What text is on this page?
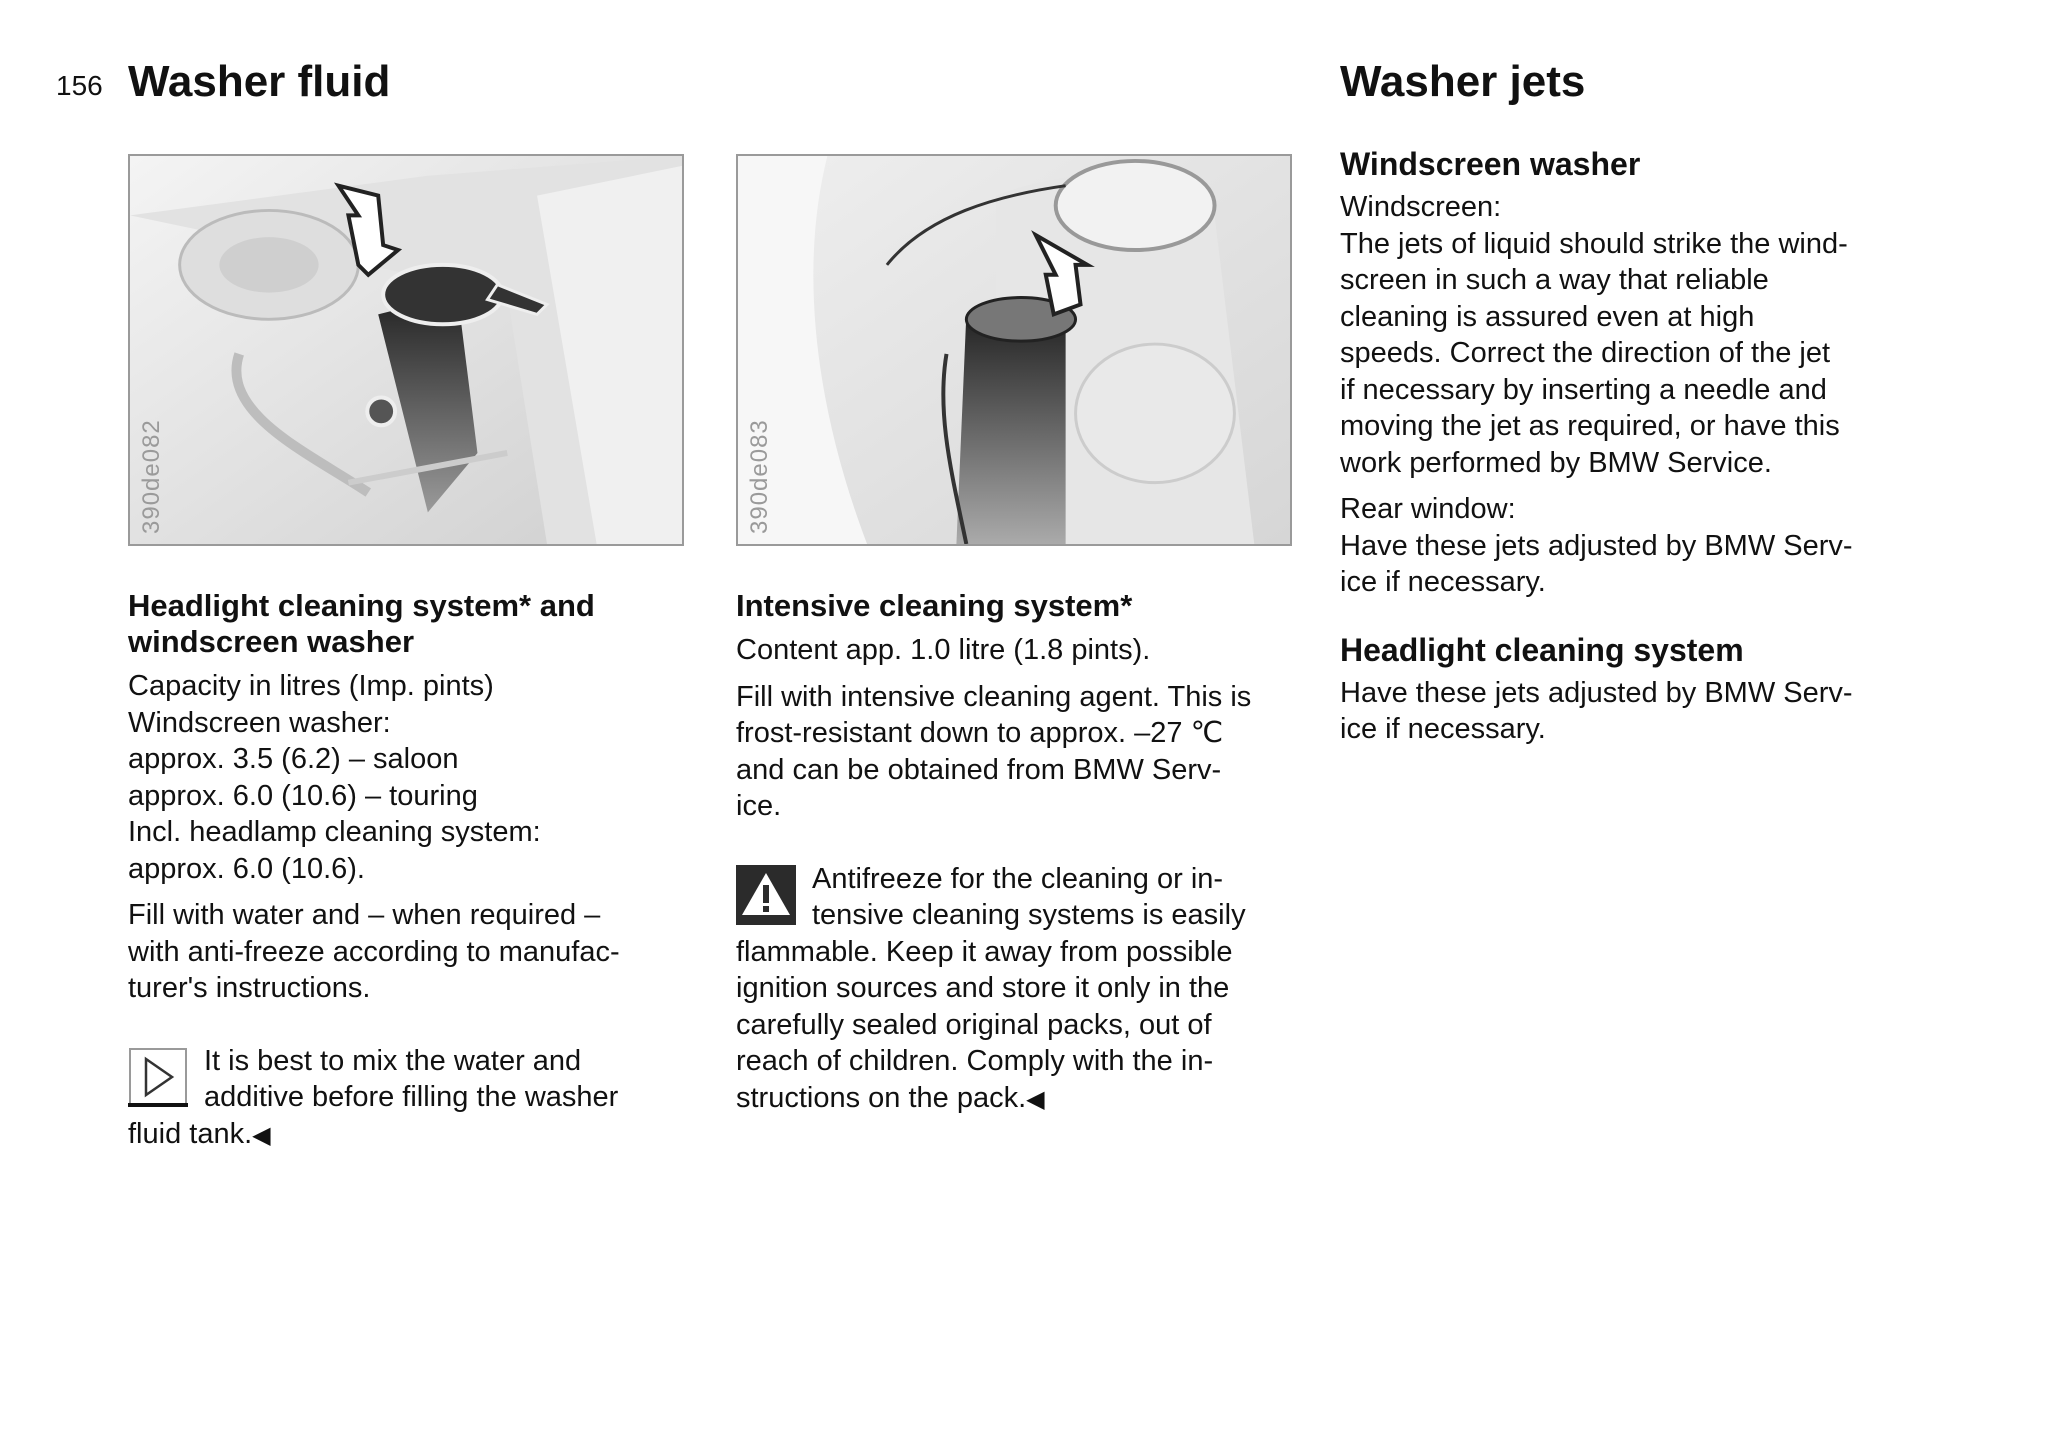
156 Washer fluid	Washer jets
390de082	390de083
Headlight cleaning system* and
windscreen washer

Capacity in litres (Imp. pints)
Windscreen washer:
approx. 3.5 (6.2) – saloon
approx. 6.0 (10.6) – touring
Incl. headlamp cleaning system:
approx. 6.0 (10.6).

Fill with water and – when required –
with anti-freeze according to manufac-
turer's instructions.

It is best to mix the water and
additive before filling the washer
fluid tank.◀
Intensive cleaning system*

Content app. 1.0 litre (1.8 pints).

Fill with intensive cleaning agent. This is
frost-resistant down to approx. –27 ℃
and can be obtained from BMW Serv-
ice.

Antifreeze for the cleaning or in-
tensive cleaning systems is easily
flammable. Keep it away from possible
ignition sources and store it only in the
carefully sealed original packs, out of
reach of children. Comply with the in-
structions on the pack.◀
Windscreen washer

Windscreen:
The jets of liquid should strike the wind-
screen in such a way that reliable
cleaning is assured even at high
speeds. Correct the direction of the jet
if necessary by inserting a needle and
moving the jet as required, or have this
work performed by BMW Service.

Rear window:
Have these jets adjusted by BMW Serv-
ice if necessary.

Headlight cleaning system

Have these jets adjusted by BMW Serv-
ice if necessary.
